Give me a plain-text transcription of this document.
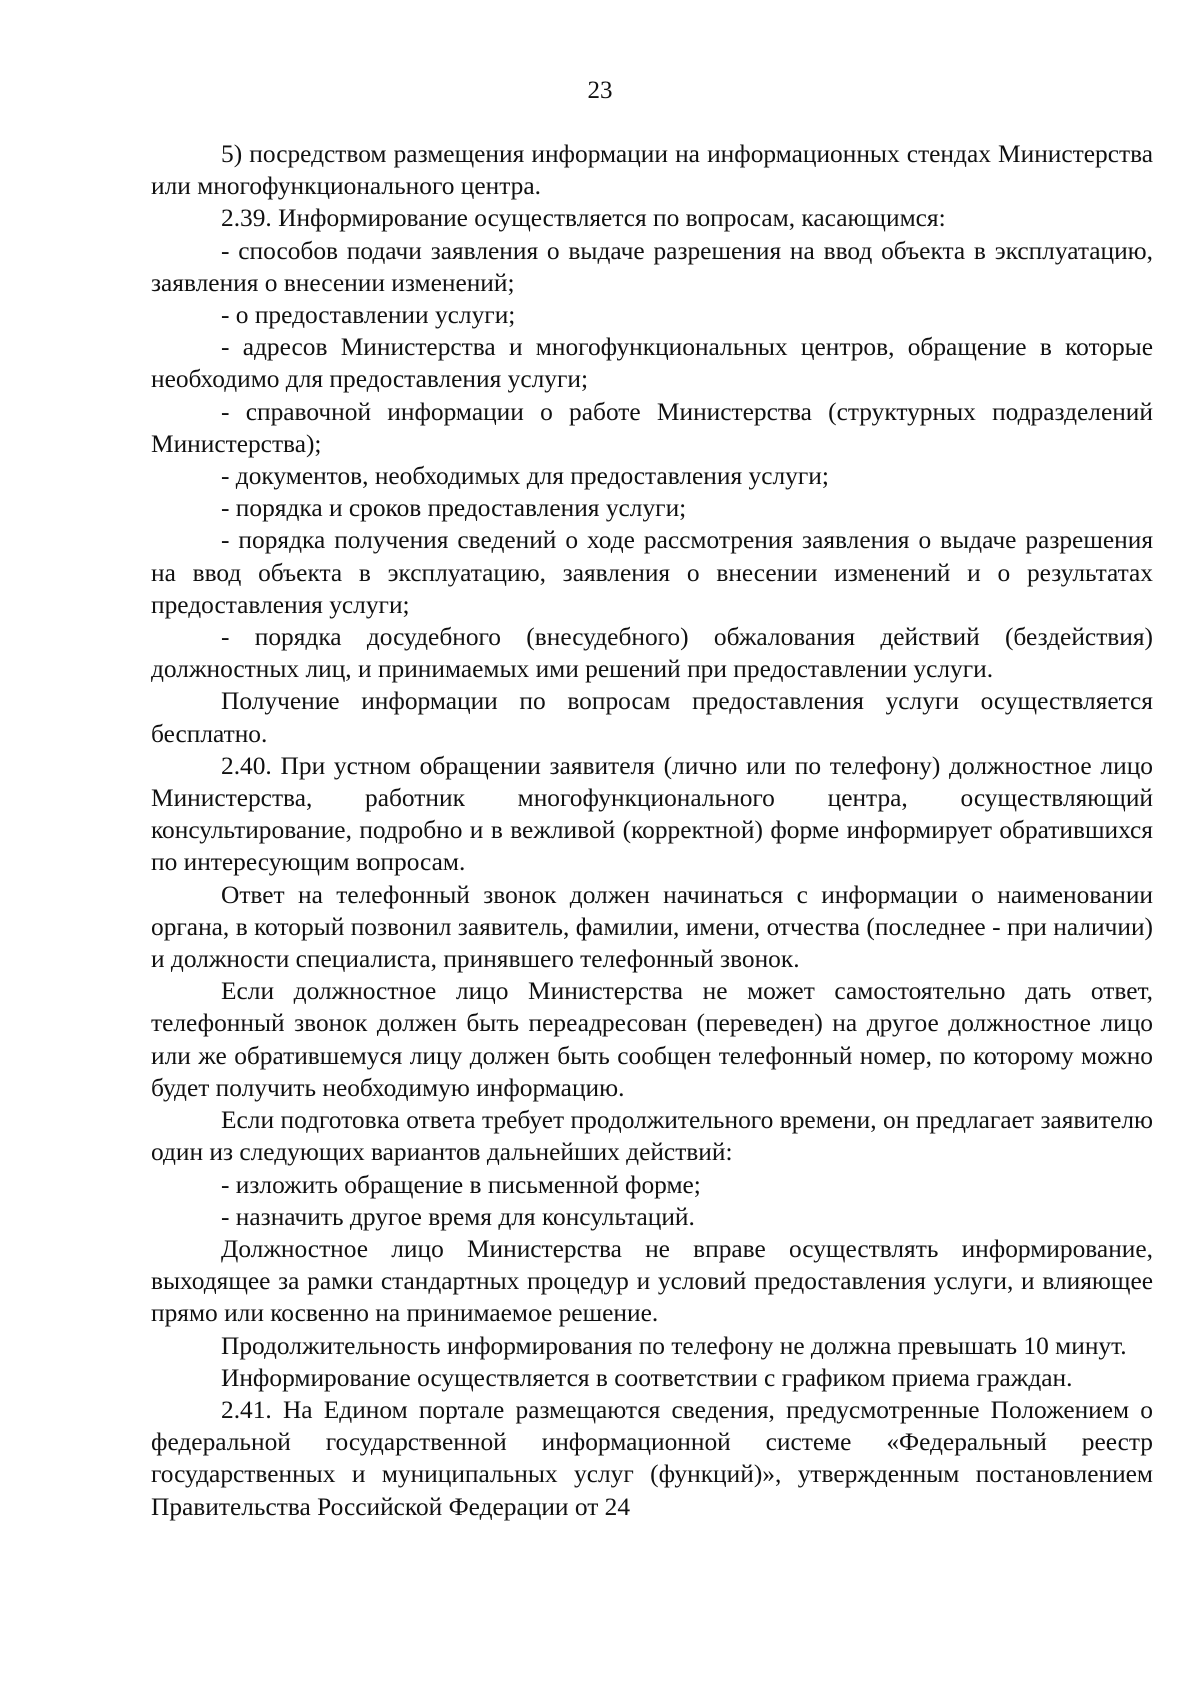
23

5) посредством размещения информации на информационных стендах Министерства или многофункционального центра.

2.39. Информирование осуществляется по вопросам, касающимся:

- способов подачи заявления о выдаче разрешения на ввод объекта в эксплуатацию, заявления о внесении изменений;

- о предоставлении услуги;

- адресов Министерства и многофункциональных центров, обращение в которые необходимо для предоставления услуги;

- справочной информации о работе Министерства (структурных подразделений Министерства);

- документов, необходимых для предоставления услуги;

- порядка и сроков предоставления услуги;

- порядка получения сведений о ходе рассмотрения заявления о выдаче разрешения на ввод объекта в эксплуатацию, заявления о внесении изменений и о результатах предоставления услуги;

- порядка досудебного (внесудебного) обжалования действий (бездействия) должностных лиц, и принимаемых ими решений при предоставлении услуги.

Получение информации по вопросам предоставления услуги осуществляется бесплатно.

2.40. При устном обращении заявителя (лично или по телефону) должностное лицо Министерства, работник многофункционального центра, осуществляющий консультирование, подробно и в вежливой (корректной) форме информирует обратившихся по интересующим вопросам.

Ответ на телефонный звонок должен начинаться с информации о наименовании органа, в который позвонил заявитель, фамилии, имени, отчества (последнее - при наличии) и должности специалиста, принявшего телефонный звонок.

Если должностное лицо Министерства не может самостоятельно дать ответ, телефонный звонок должен быть переадресован (переведен) на другое должностное лицо или же обратившемуся лицу должен быть сообщен телефонный номер, по которому можно будет получить необходимую информацию.

Если подготовка ответа требует продолжительного времени, он предлагает заявителю один из следующих вариантов дальнейших действий:

- изложить обращение в письменной форме;

- назначить другое время для консультаций.

Должностное лицо Министерства не вправе осуществлять информирование, выходящее за рамки стандартных процедур и условий предоставления услуги, и влияющее прямо или косвенно на принимаемое решение.

Продолжительность информирования по телефону не должна превышать 10 минут.

Информирование осуществляется в соответствии с графиком приема граждан.

2.41. На Едином портале размещаются сведения, предусмотренные Положением о федеральной государственной информационной системе «Федеральный реестр государственных и муниципальных услуг (функций)», утвержденным постановлением Правительства Российской Федерации от 24
